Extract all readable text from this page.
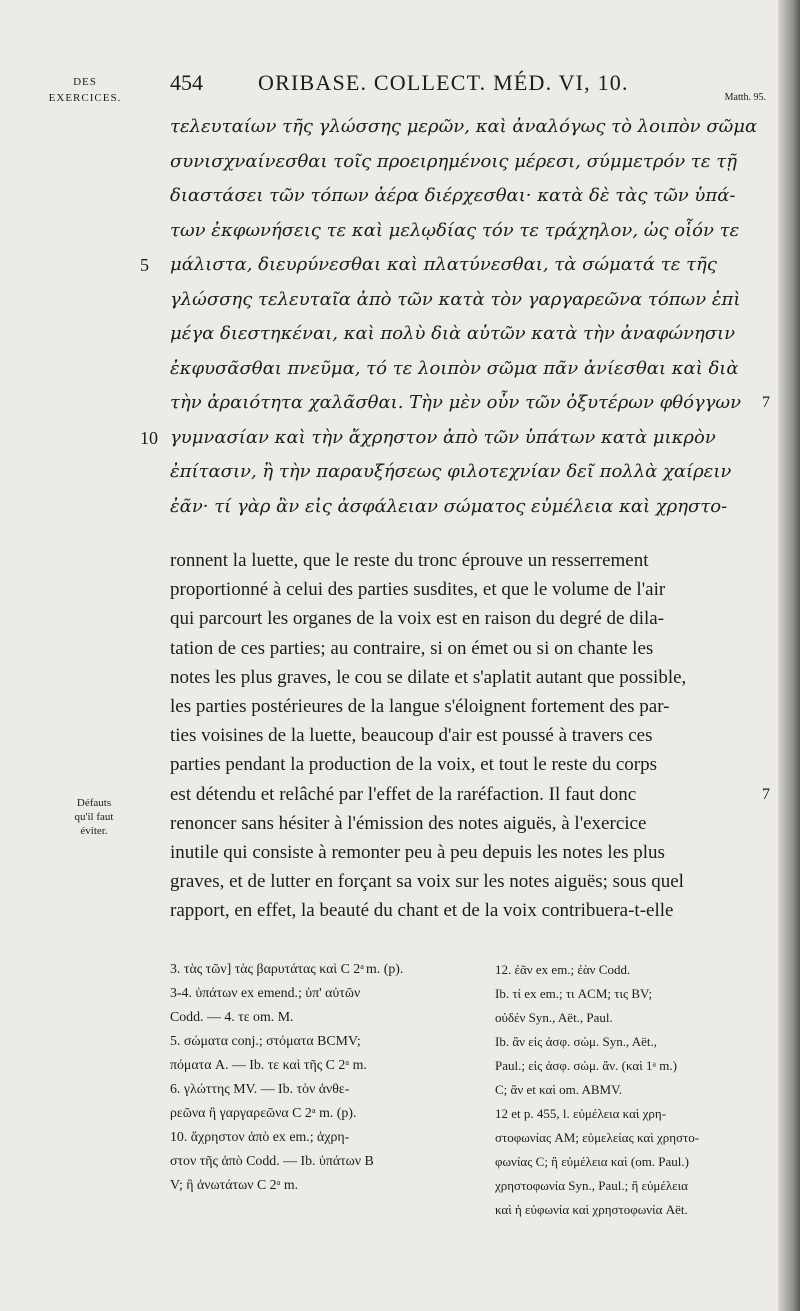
DES
EXERCICES.
454	ORIBASE. COLLECT. MÉD. VI, 10.
Matth. 95.
τελευταίων τῆς γλώσσης μερῶν, καὶ ἀναλόγως τὸ λοιπὸν σῶμα
συνισχναίνεσθαι τοῖς προειρημένοις μέρεσι, σύμμετρόν τε τῇ
διαστάσει τῶν τόπων ἀέρα διέρχεσθαι· κατὰ δὲ τὰς τῶν ὑπά-
των ἐκφωνήσεις τε καὶ μελῳδίας τόν τε τράχηλον, ὡς οἷόν τε
5 μάλιστα, διευρύνεσθαι καὶ πλατύνεσθαι, τὰ σώματά τε τῆς
γλώσσης τελευταῖα ἀπὸ τῶν κατὰ τὸν γαργαρεῶνα τόπων ἐπὶ
μέγα διεστηκέναι, καὶ πολὺ διὰ αὐτῶν κατὰ τὴν ἀναφώνησιν
ἐκφυσᾶσθαι πνεῦμα, τό τε λοιπὸν σῶμα πᾶν ἀνίεσθαι καὶ διὰ
τὴν ἀραιότητα χαλᾶσθαι. Τὴν μὲν οὖν τῶν ὀξυτέρων φθόγγων 7
10 γυμνασίαν καὶ τὴν ἄχρηστον ἀπὸ τῶν ὑπάτων κατὰ μικρὸν
ἐπίτασιν, ἢ τὴν παραυξήσεως φιλοτεχνίαν δεῖ πολλὰ χαίρειν
ἐᾶν· τί γὰρ ἂν εἰς ἀσφάλειαν σώματος εὐμέλεια καὶ χρηστο-
ronnent la luette, que le reste du tronc éprouve un resserrement
proportionné à celui des parties susdites, et que le volume de l'air
qui parcourt les organes de la voix est en raison du degré de dila-
tation de ces parties; au contraire, si on émet ou si on chante les
notes les plus graves, le cou se dilate et s'aplatit autant que possible,
les parties postérieures de la langue s'éloignent fortement des par-
ties voisines de la luette, beaucoup d'air est poussé à travers ces
parties pendant la production de la voix, et tout le reste du corps
est détendu et relâché par l'effet de la raréfaction. Il faut donc	7
renoncer sans hésiter à l'émission des notes aiguës, à l'exercice
inutile qui consiste à remonter peu à peu depuis les notes les plus
graves, et de lutter en forçant sa voix sur les notes aiguës; sous quel
rapport, en effet, la beauté du chant et de la voix contribuera-t-elle
Défauts
qu'il faut
éviter.
3. τὰς τῶν] τὰς βαρυτάτας καὶ C 2ᵃ m. (p).3-4. ὑπάτων ex emend.; ὑπ' αὐτῶνCodd. — 4. τε om. M.5. σώματα conj.; στόματα BCMV;πόματα A. — Ib. τε καὶ τῆς C 2ᵃ m.6. γλώττης MV. — Ib. τὸν ἀνθε-ρεῶνα ἢ γαργαρεῶνα C 2ᵃ m. (p).10. ἄχρηστον ἀπὸ ex em.; ἀχρη-στον τῆς ἀπὸ Codd. — Ib. ὑπάτων BV; ἢ ἀνωτάτων C 2ᵃ m.
12. ἐᾶν ex em.; ἐὰν Codd.
Ib. τί ex em.; τι ACM; τις BV;
οὐδέν Syn., Aët., Paul.
Ib. ἂν εἰς ἀσφ. σώμ. Syn., Aët.,
Paul.; εἰς ἀσφ. σώμ. ἄν. (καὶ 1ᵃ m.)
C; ἂν et καὶ om. ABMV.
12 et p. 455, l. εὐμέλεια καὶ χρη-
στοφωνίας AM; εὐμελείας καὶ χρηστο-
φωνίας C; ἢ εὐμέλεια καὶ (om. Paul.)
χρηστοφωνία Syn., Paul.; ἢ εὐμέλεια
καὶ ἡ εὐφωνία καὶ χρηστοφωνία Aët.
